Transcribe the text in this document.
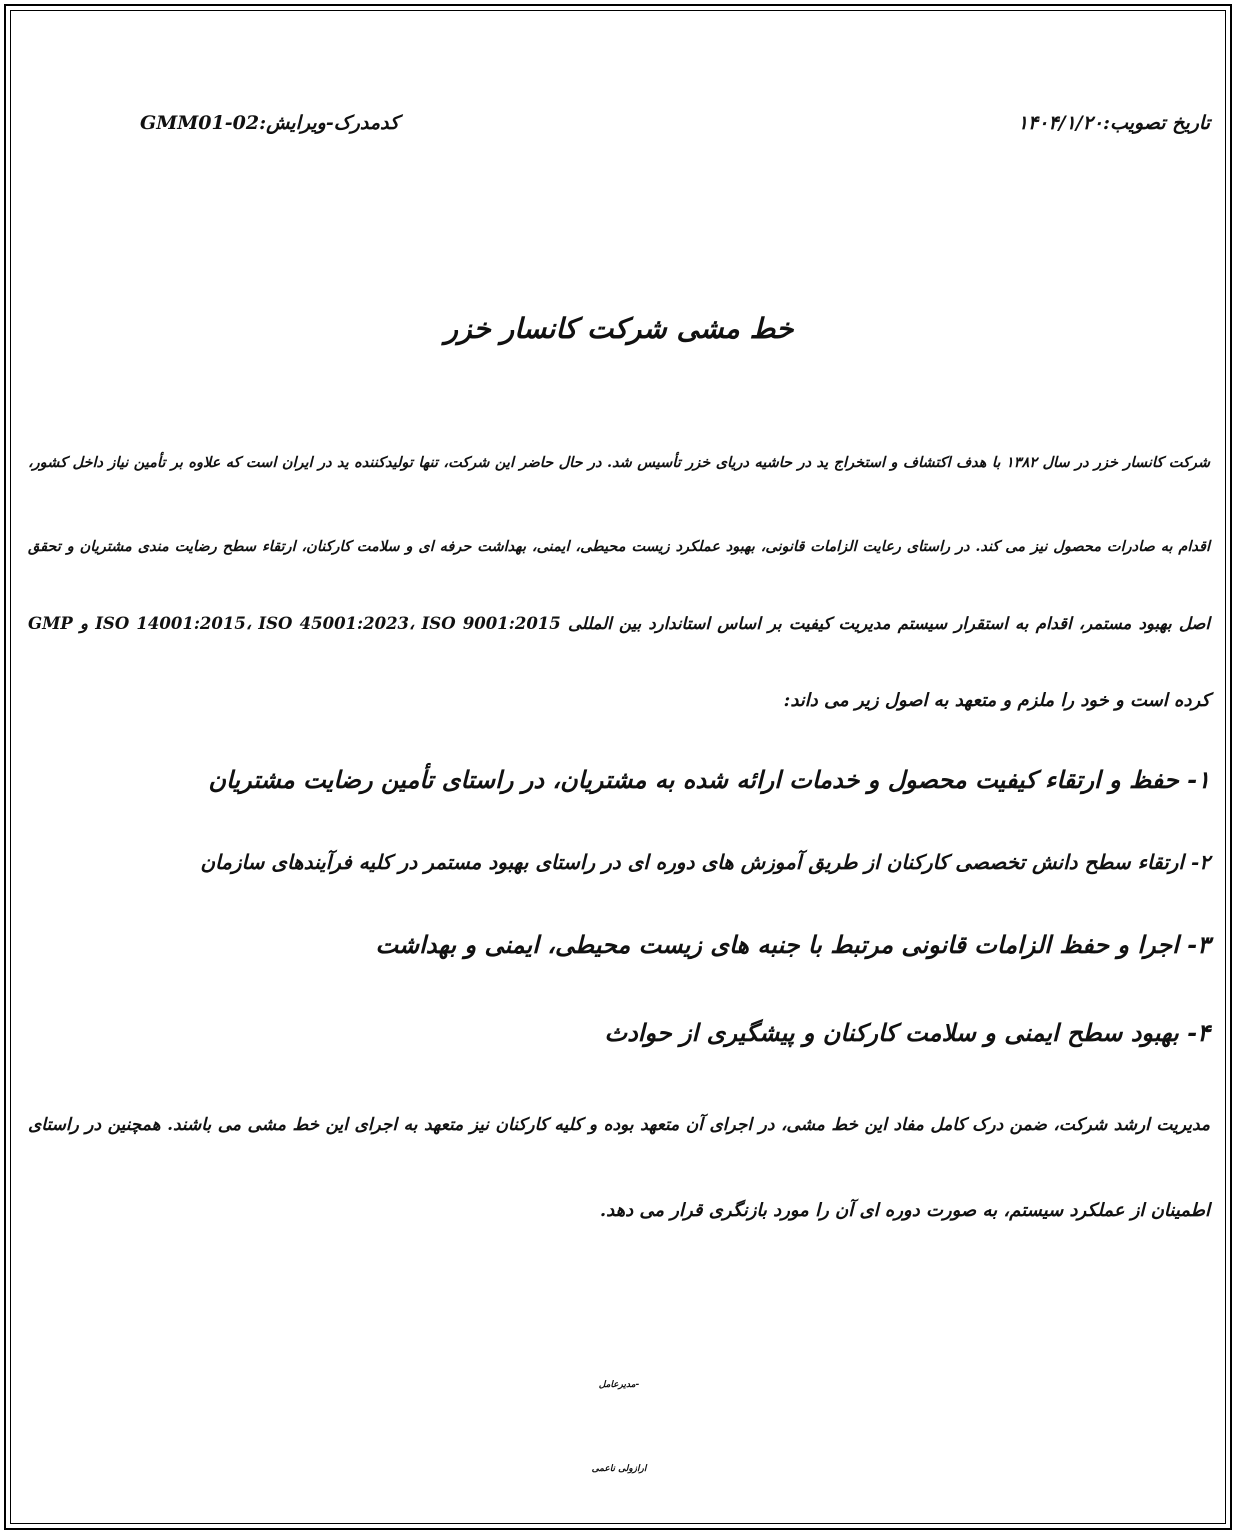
تاریخ تصویب:۱۴۰۴/۱/۲۰
کدمدرک-ویرایش:GMM01-02
خط مشی شرکت کانسار خزر
شرکت کانسار خزر در سال ۱۳۸۲ با هدف اکتشاف و استخراج ید در حاشیه دریای خزر تأسیس شد. در حال حاضر این شرکت، تنها تولیدکننده ید در ایران است که علاوه بر تأمین نیاز داخل کشور،
اقدام به صادرات محصول نیز می کند. در راستای رعایت الزامات قانونی، بهبود عملکرد زیست محیطی، ایمنی، بهداشت حرفه ای و سلامت کارکنان، ارتقاء سطح رضایت مندی مشتریان و تحقق
اصل بهبود مستمر، اقدام به استقرار سیستم مدیریت کیفیت بر اساس استاندارد بین المللی ISO 14001:2015، ISO 45001:2023، ISO 9001:2015 و GMP
کرده است و خود را ملزم و متعهد به اصول زیر می داند:
۱- حفظ و ارتقاء کیفیت محصول و خدمات ارائه شده به مشتریان، در راستای تأمین رضایت مشتریان
۲- ارتقاء سطح دانش تخصصی کارکنان از طریق آموزش های دوره ای در راستای بهبود مستمر در کلیه فرآیندهای سازمان
۳- اجرا و حفظ الزامات قانونی مرتبط با جنبه های زیست محیطی، ایمنی و بهداشت
۴- بهبود سطح ایمنی و سلامت کارکنان و پیشگیری از حوادث
مدیریت ارشد شرکت، ضمن درک کامل مفاد این خط مشی، در اجرای آن متعهد بوده و کلیه کارکنان نیز متعهد به اجرای این خط مشی می باشند. همچنین در راستای
اطمینان از عملکرد سیستم، به صورت دوره ای آن را مورد بازنگری قرار می دهد.
-مدیرعامل
ارازولی ناعمی
